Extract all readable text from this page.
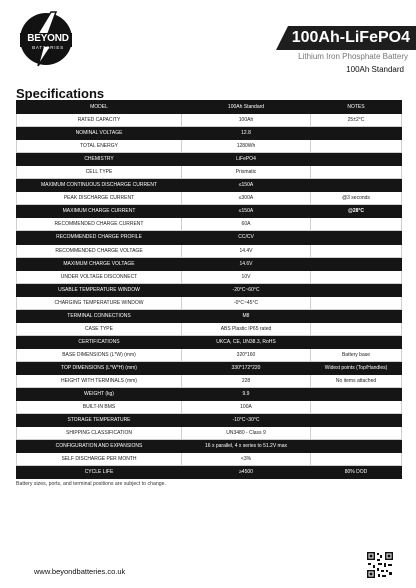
BEYOND
BATTERIES
100Ah-LiFePO4
Lithium Iron Phosphate Battery
100Ah Standard
Specifications
MODEL	100Ah Standard	NOTES
RATED CAPACITY	100Ah	25±2°C
NOMINAL VOLTAGE	12.8	
TOTAL ENERGY	1280Wh	
CHEMISTRY	LiFePO4	
CELL TYPE	Prismatic	
MAXIMUM CONTINUOUS DISCHARGE CURRENT	≤150A	
PEAK DISCHARGE CURRENT	≤300A	@3 seconds
MAXIMUM CHARGE CURRENT	≤150A	@28°C
RECOMMENDED CHARGE CURRENT	60A	
RECOMMENDED CHARGE PROFILE	CC/CV	
RECOMMENDED CHARGE VOLTAGE	14.4V	
MAXIMUM CHARGE VOLTAGE	14.6V	
UNDER VOLTAGE DISCONNECT	10V	
USABLE TEMPERATURE WINDOW	-20°C~60°C	
CHARGING TEMPERATURE WINDOW	-0°C~45°C	
TERMINAL CONNECTIONS	M8	
CASE TYPE	ABS Plastic IP65 rated	
CERTIFICATIONS	UKCA, CE, UN38.3, RoHS	
BASE DIMENSIONS (L*W) (mm)	320*160	Battery base
TOP DIMENSIONS (L*W*H) (mm)	330*172*220	Widest points (Top/Handles)
HEIGHT WITH TERMINALS (mm)	228	No items attached
WEIGHT (kg)	9.9	
BUILT-IN BMS	100A	
STORAGE TEMPERATURE	-10°C~30°C	
SHIPPING CLASSIFICATION	UN3480 - Class 9	
CONFIGURATION AND EXPANSIONS	16 x parallel, 4 x series to 51.2V max	
SELF DISCHARGE PER MONTH	<3%	
CYCLE LIFE	≥4500	80% DOD
Battery sizes, ports, and terminal positions are subject to change.
www.beyondbatteries.co.uk
